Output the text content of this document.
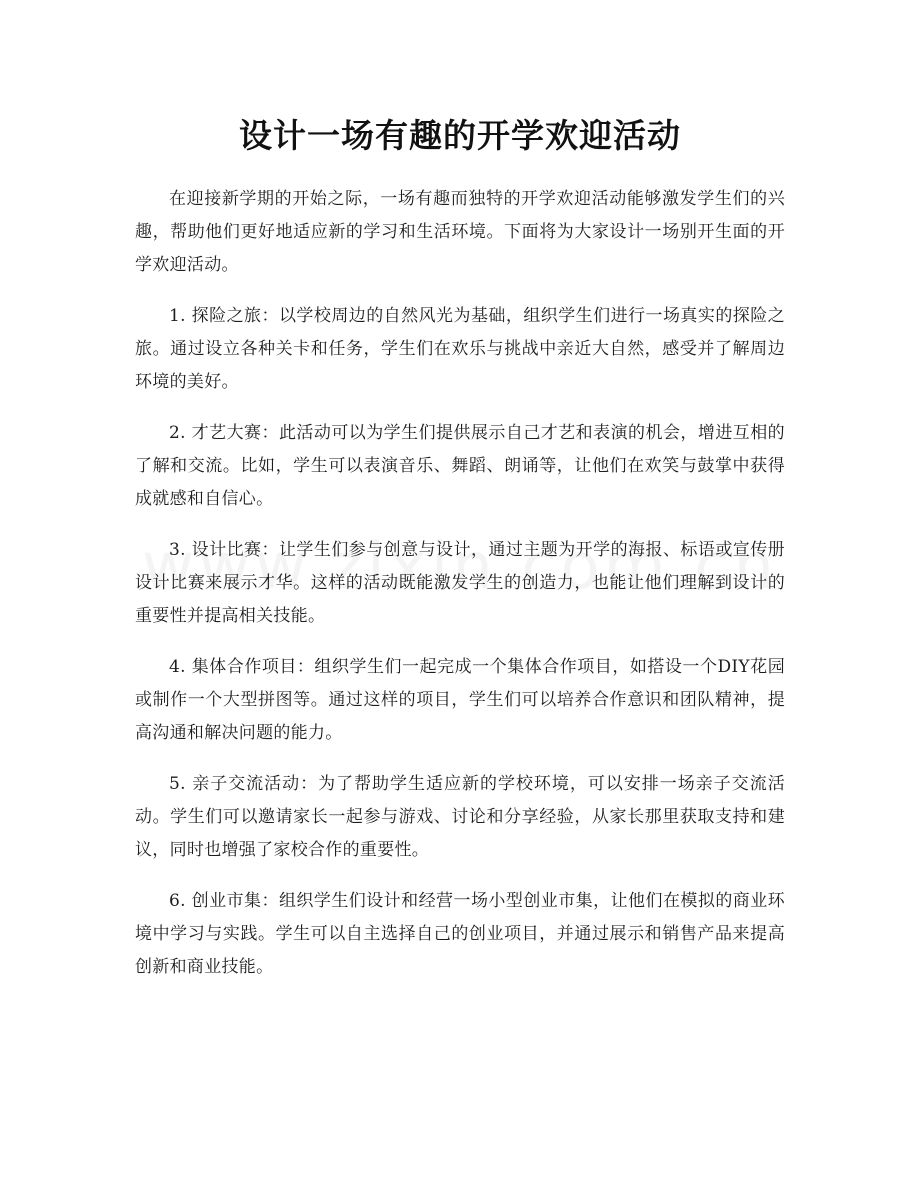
设计一场有趣的开学欢迎活动

在迎接新学期的开始之际，一场有趣而独特的开学欢迎活动能够激发学生们的兴趣，帮助他们更好地适应新的学习和生活环境。下面将为大家设计一场别开生面的开学欢迎活动。

1. 探险之旅：以学校周边的自然风光为基础，组织学生们进行一场真实的探险之旅。通过设立各种关卡和任务，学生们在欢乐与挑战中亲近大自然，感受并了解周边环境的美好。

2. 才艺大赛：此活动可以为学生们提供展示自己才艺和表演的机会，增进互相的了解和交流。比如，学生可以表演音乐、舞蹈、朗诵等，让他们在欢笑与鼓掌中获得成就感和自信心。

3. 设计比赛：让学生们参与创意与设计，通过主题为开学的海报、标语或宣传册设计比赛来展示才华。这样的活动既能激发学生的创造力，也能让他们理解到设计的重要性并提高相关技能。

4. 集体合作项目：组织学生们一起完成一个集体合作项目，如搭设一个DIY花园或制作一个大型拼图等。通过这样的项目，学生们可以培养合作意识和团队精神，提高沟通和解决问题的能力。

5. 亲子交流活动：为了帮助学生适应新的学校环境，可以安排一场亲子交流活动。学生们可以邀请家长一起参与游戏、讨论和分享经验，从家长那里获取支持和建议，同时也增强了家校合作的重要性。

6. 创业市集：组织学生们设计和经营一场小型创业市集，让他们在模拟的商业环境中学习与实践。学生可以自主选择自己的创业项目，并通过展示和销售产品来提高创新和商业技能。
